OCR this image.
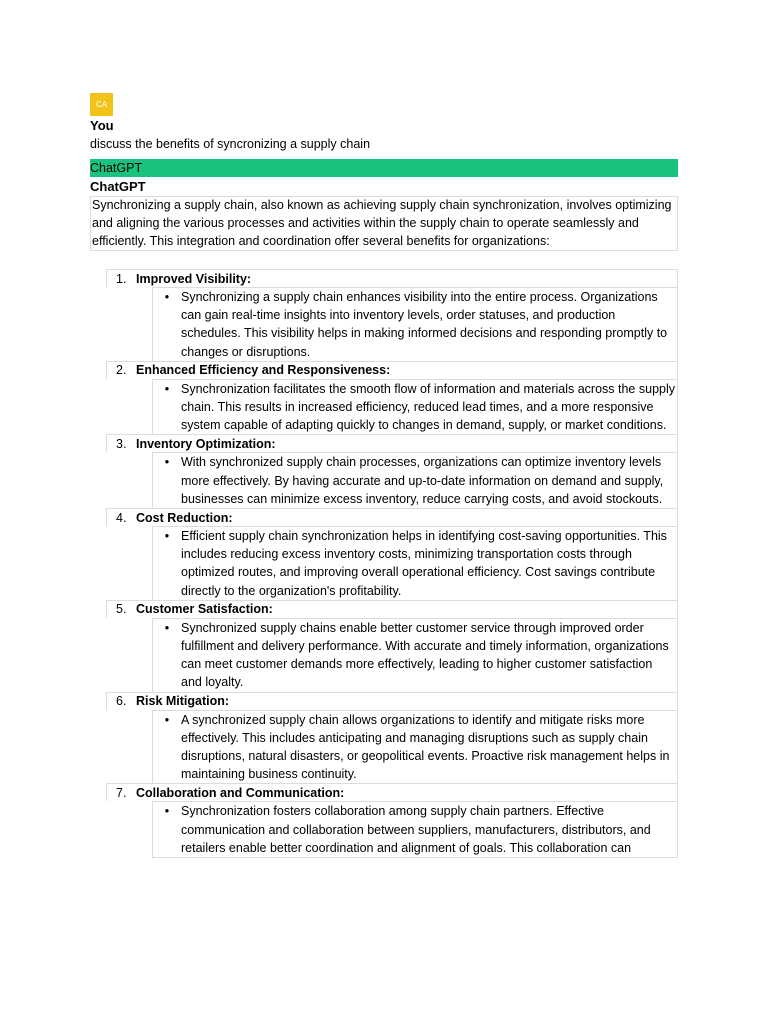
CA
You
discuss the benefits of syncronizing a supply chain
ChatGPT
ChatGPT
Synchronizing a supply chain, also known as achieving supply chain synchronization, involves optimizing and aligning the various processes and activities within the supply chain to operate seamlessly and efficiently. This integration and coordination offer several benefits for organizations:
1. Improved Visibility:
• Synchronizing a supply chain enhances visibility into the entire process. Organizations can gain real-time insights into inventory levels, order statuses, and production schedules. This visibility helps in making informed decisions and responding promptly to changes or disruptions.
2. Enhanced Efficiency and Responsiveness:
• Synchronization facilitates the smooth flow of information and materials across the supply chain. This results in increased efficiency, reduced lead times, and a more responsive system capable of adapting quickly to changes in demand, supply, or market conditions.
3. Inventory Optimization:
• With synchronized supply chain processes, organizations can optimize inventory levels more effectively. By having accurate and up-to-date information on demand and supply, businesses can minimize excess inventory, reduce carrying costs, and avoid stockouts.
4. Cost Reduction:
• Efficient supply chain synchronization helps in identifying cost-saving opportunities. This includes reducing excess inventory costs, minimizing transportation costs through optimized routes, and improving overall operational efficiency. Cost savings contribute directly to the organization's profitability.
5. Customer Satisfaction:
• Synchronized supply chains enable better customer service through improved order fulfillment and delivery performance. With accurate and timely information, organizations can meet customer demands more effectively, leading to higher customer satisfaction and loyalty.
6. Risk Mitigation:
• A synchronized supply chain allows organizations to identify and mitigate risks more effectively. This includes anticipating and managing disruptions such as supply chain disruptions, natural disasters, or geopolitical events. Proactive risk management helps in maintaining business continuity.
7. Collaboration and Communication:
• Synchronization fosters collaboration among supply chain partners. Effective communication and collaboration between suppliers, manufacturers, distributors, and retailers enable better coordination and alignment of goals. This collaboration can
